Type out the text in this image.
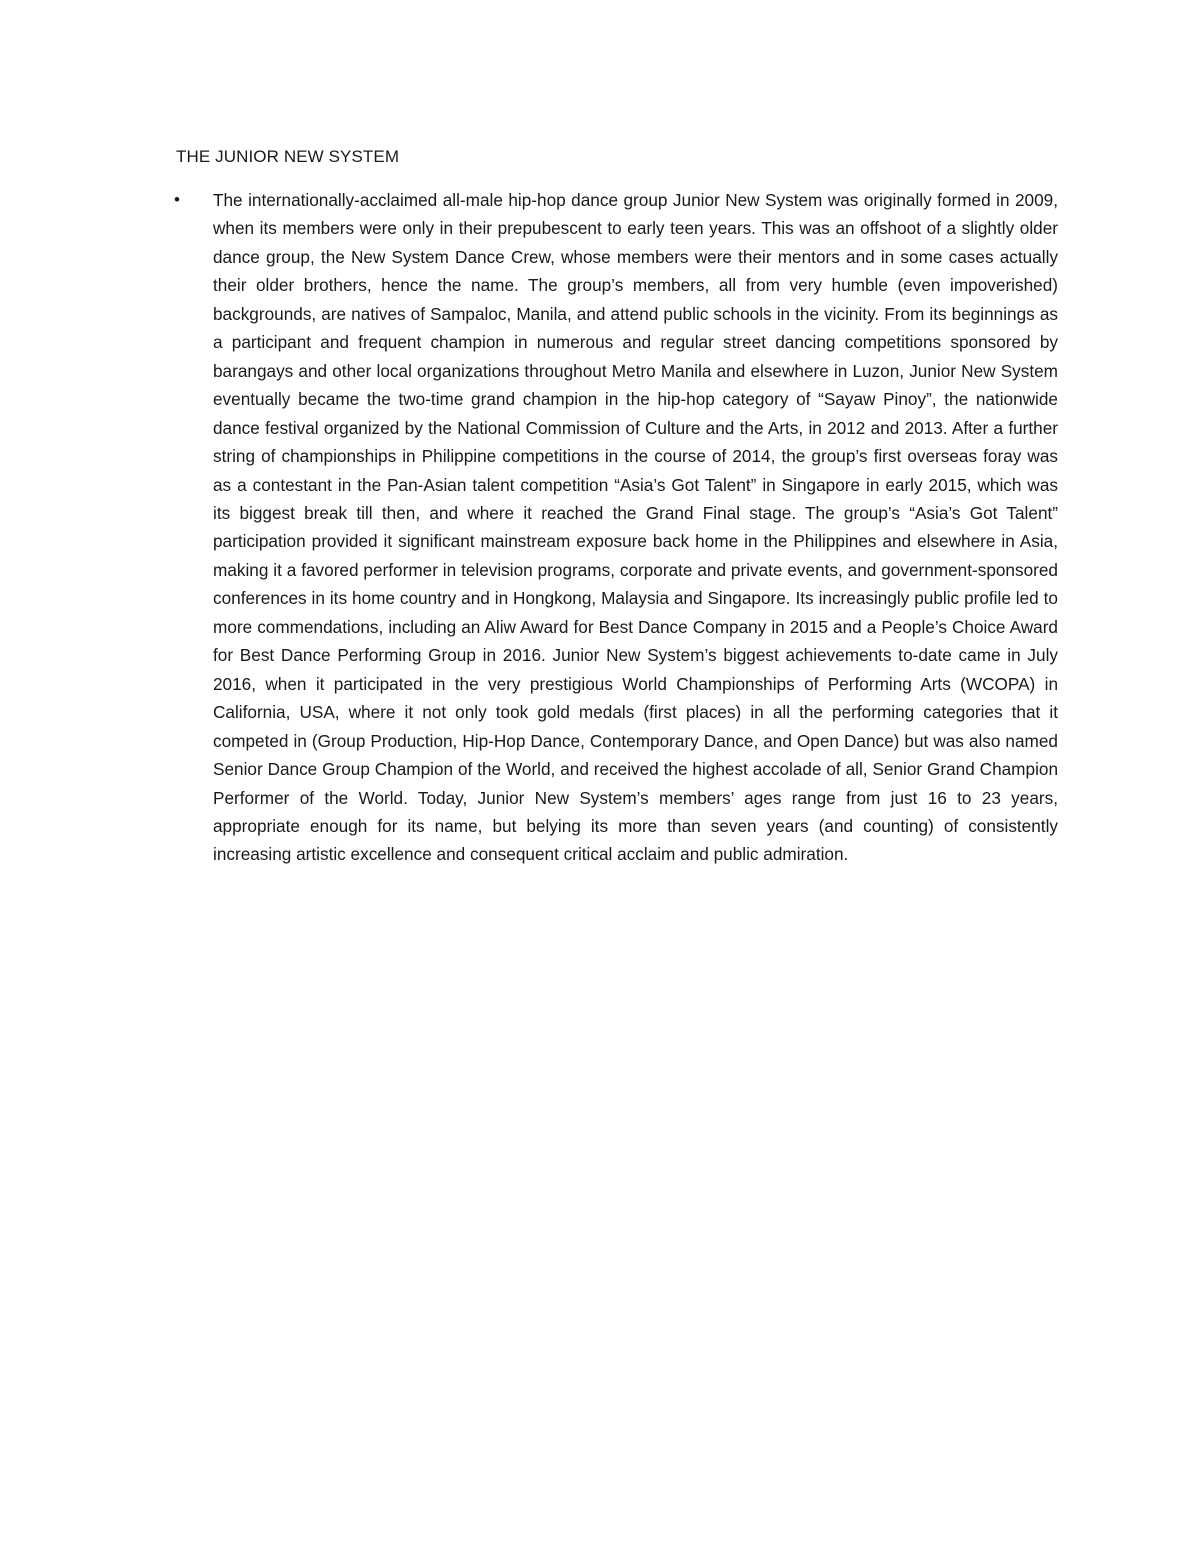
THE JUNIOR NEW SYSTEM
• The internationally-acclaimed all-male hip-hop dance group Junior New System was originally formed in 2009, when its members were only in their prepubescent to early teen years. This was an offshoot of a slightly older dance group, the New System Dance Crew, whose members were their mentors and in some cases actually their older brothers, hence the name. The group’s members, all from very humble (even impoverished) backgrounds, are natives of Sampaloc, Manila, and attend public schools in the vicinity. From its beginnings as a participant and frequent champion in numerous and regular street dancing competitions sponsored by barangays and other local organizations throughout Metro Manila and elsewhere in Luzon, Junior New System eventually became the two-time grand champion in the hip-hop category of “Sayaw Pinoy”, the nationwide dance festival organized by the National Commission of Culture and the Arts, in 2012 and 2013. After a further string of championships in Philippine competitions in the course of 2014, the group’s first overseas foray was as a contestant in the Pan-Asian talent competition “Asia’s Got Talent” in Singapore in early 2015, which was its biggest break till then, and where it reached the Grand Final stage. The group’s “Asia’s Got Talent” participation provided it significant mainstream exposure back home in the Philippines and elsewhere in Asia, making it a favored performer in television programs, corporate and private events, and government-sponsored conferences in its home country and in Hongkong, Malaysia and Singapore. Its increasingly public profile led to more commendations, including an Aliw Award for Best Dance Company in 2015 and a People’s Choice Award for Best Dance Performing Group in 2016. Junior New System’s biggest achievements to-date came in July 2016, when it participated in the very prestigious World Championships of Performing Arts (WCOPA) in California, USA, where it not only took gold medals (first places) in all the performing categories that it competed in (Group Production, Hip-Hop Dance, Contemporary Dance, and Open Dance) but was also named Senior Dance Group Champion of the World, and received the highest accolade of all, Senior Grand Champion Performer of the World. Today, Junior New System’s members’ ages range from just 16 to 23 years, appropriate enough for its name, but belying its more than seven years (and counting) of consistently increasing artistic excellence and consequent critical acclaim and public admiration.
